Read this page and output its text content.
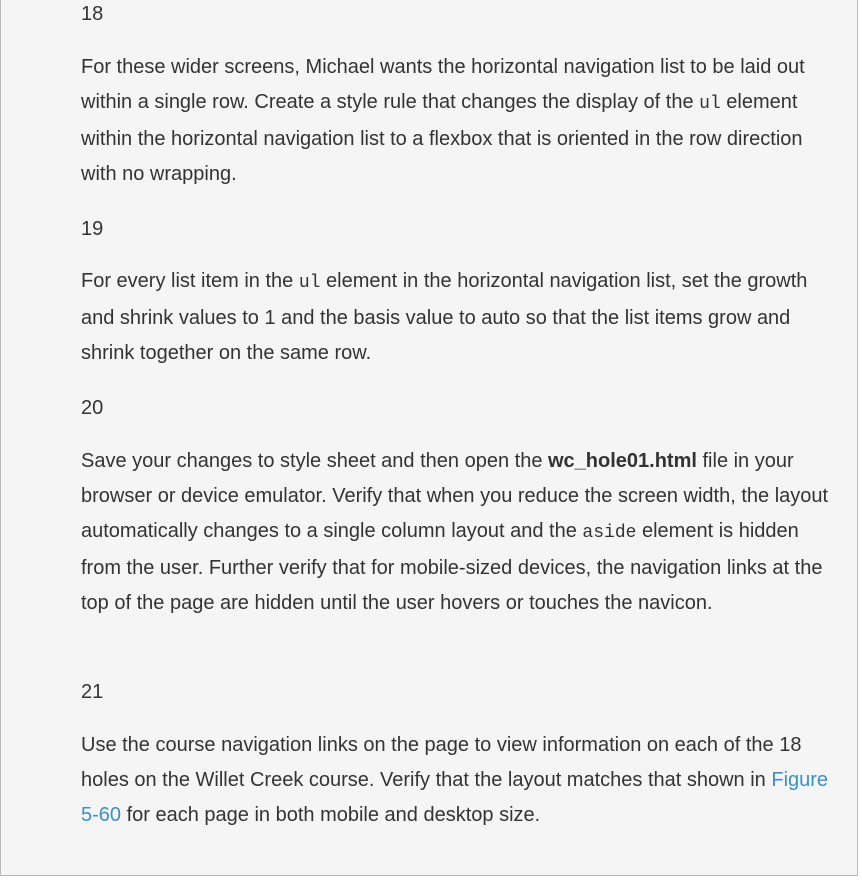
18

For these wider screens, Michael wants the horizontal navigation list to be laid out within a single row. Create a style rule that changes the display of the ul element within the horizontal navigation list to a flexbox that is oriented in the row direction with no wrapping.

19

For every list item in the ul element in the horizontal navigation list, set the growth and shrink values to 1 and the basis value to auto so that the list items grow and shrink together on the same row.

20

Save your changes to style sheet and then open the wc_hole01.html file in your browser or device emulator. Verify that when you reduce the screen width, the layout automatically changes to a single column layout and the aside element is hidden from the user. Further verify that for mobile-sized devices, the navigation links at the top of the page are hidden until the user hovers or touches the navicon.

21

Use the course navigation links on the page to view information on each of the 18 holes on the Willet Creek course. Verify that the layout matches that shown in Figure 5-60 for each page in both mobile and desktop size.
